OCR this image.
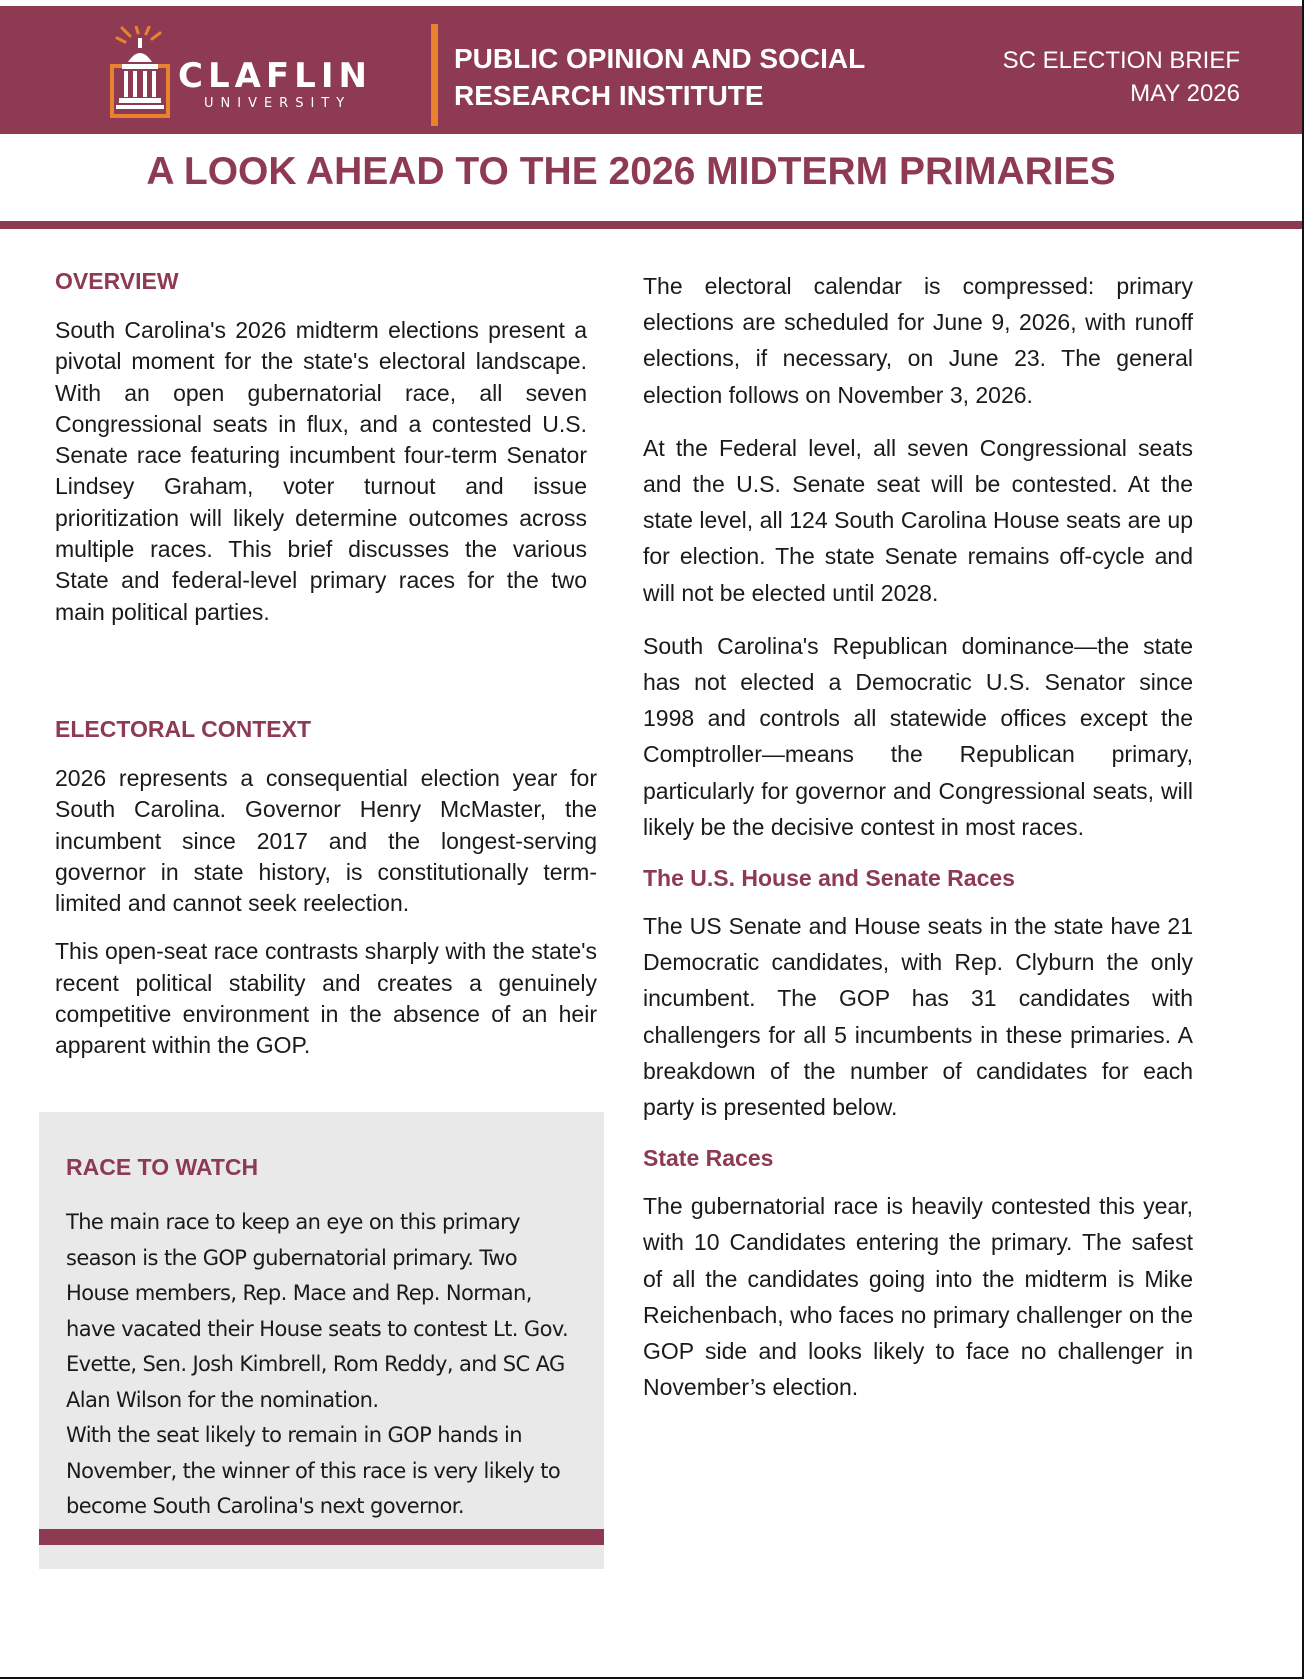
CLAFLIN
UNIVERSITY
PUBLIC OPINION AND SOCIAL
RESEARCH INSTITUTE
SC ELECTION BRIEF
MAY 2026
A LOOK AHEAD TO THE 2026 MIDTERM PRIMARIES
OVERVIEW

South Carolina's 2026 midterm elections present a pivotal moment for the state's electoral landscape. With an open gubernatorial race, all seven Congressional seats in flux, and a contested U.S. Senate race featuring incumbent four-term Senator Lindsey Graham, voter turnout and issue prioritization will likely determine outcomes across multiple races. This brief discusses the various State and federal-level primary races for the two main political parties.

ELECTORAL CONTEXT

2026 represents a consequential election year for South Carolina. Governor Henry McMaster, the incumbent since 2017 and the longest-serving governor in state history, is constitutionally term-limited and cannot seek reelection.

This open-seat race contrasts sharply with the state's recent political stability and creates a genuinely competitive environment in the absence of an heir apparent within the GOP.

RACE TO WATCH

The main race to keep an eye on this primary season is the GOP gubernatorial primary. Two House members, Rep. Mace and Rep. Norman, have vacated their House seats to contest Lt. Gov. Evette, Sen. Josh Kimbrell, Rom Reddy, and SC AG Alan Wilson for the nomination.

With the seat likely to remain in GOP hands in November, the winner of this race is very likely to become South Carolina's next governor.

The electoral calendar is compressed: primary elections are scheduled for June 9, 2026, with runoff elections, if necessary, on June 23. The general election follows on November 3, 2026.

At the Federal level, all seven Congressional seats and the U.S. Senate seat will be contested. At the state level, all 124 South Carolina House seats are up for election. The state Senate remains off-cycle and will not be elected until 2028.

South Carolina's Republican dominance—the state has not elected a Democratic U.S. Senator since 1998 and controls all statewide offices except the Comptroller—means the Republican primary, particularly for governor and Congressional seats, will likely be the decisive contest in most races.

The U.S. House and Senate Races

The US Senate and House seats in the state have 21 Democratic candidates, with Rep. Clyburn the only incumbent. The GOP has 31 candidates with challengers for all 5 incumbents in these primaries. A breakdown of the number of candidates for each party is presented below.

State Races

The gubernatorial race is heavily contested this year, with 10 Candidates entering the primary. The safest of all the candidates going into the midterm is Mike Reichenbach, who faces no primary challenger on the GOP side and looks likely to face no challenger in November’s election.
